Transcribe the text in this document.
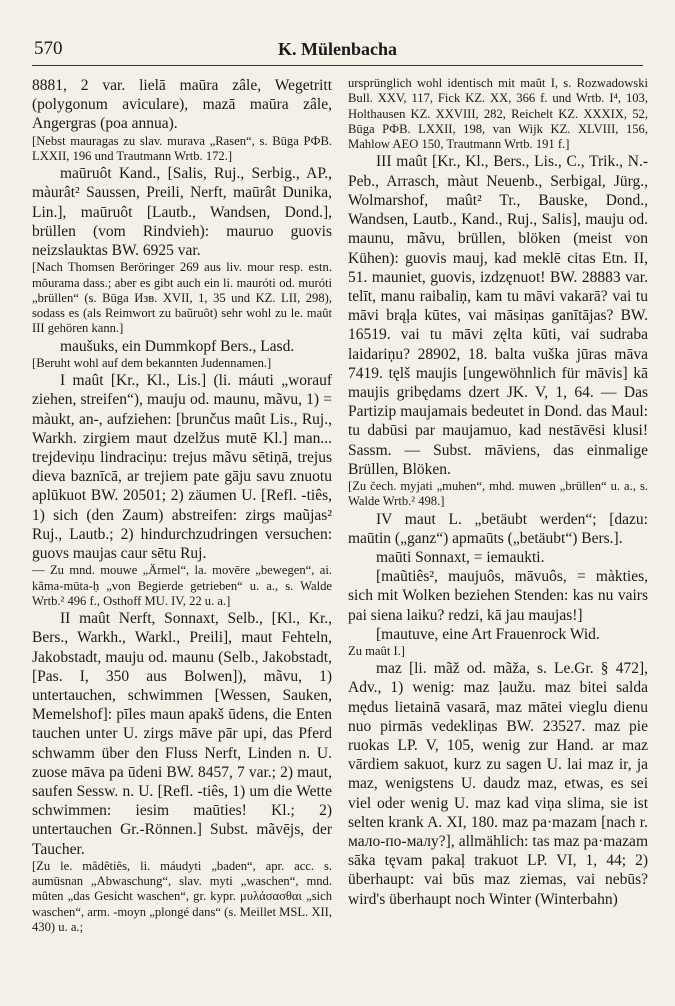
570	K. Mülenbacha

8881, 2 var. lielā maūra zâle, Wegetritt (polygonum aviculare), mazā maūra zâle, Angergras (poa annua).

[Nebst mauragas zu slav. murava „Rasen“, s. Būga PФB. LXXII, 196 und Trautmann Wrtb. 172.]

maūruôt Kand., [Salis, Ruj., Serbig., AP., màurât² Saussen, Preili, Nerft, maūrât Dunika, Lin.], maūruôt [Lautb., Wandsen, Dond.], brüllen (vom Rindvieh): mauruo guovis neizslauktas BW. 6925 var.

[Nach Thomsen Beröringer 269 aus liv. mour resp. estn. mõurama dass.; aber es gibt auch ein li. mauróti od. muróti „brüllen“ (s. Būga Изв. XVII, 1, 35 und KZ. LII, 298), sodass es (als Reimwort zu baũruôt) sehr wohl zu le. maût III gehören kann.]

maušuks, ein Dummkopf Bers., Lasd.

[Beruht wohl auf dem bekannten Judennamen.]

I maût [Kr., Kl., Lis.] (li. máuti „worauf ziehen, streifen“), mauju od. maunu, mãvu, 1) = màukt, an-, aufziehen: [brunčus maût Lis., Ruj., Warkh. zirgiem maut dzelžus mutē Kl.] man... trejdeviņu lindraciņu: trejus mãvu sētiņā, trejus dieva baznīcā, ar trejiem pate gāju savu znuotu aplūkuot BW. 20501; 2) zäumen U. [Refl. -tiês, 1) sich (den Zaum) abstreifen: zirgs maũjas² Ruj., Lautb.; 2) hindurchzudringen versuchen: guovs maujas caur sētu Ruj.

— Zu mnd. mouwe „Ärmel“, la. movēre „bewegen“, ai. kãma-mūta-ḥ „von Begierde getrieben“ u. a., s. Walde Wrtb.² 496 f., Osthoff MU. IV, 22 u. a.]

II maût Nerft, Sonnaxt, Selb., [Kl., Kr., Bers., Warkh., Warkl., Preili], maut Fehteln, Jakobstadt, mauju od. maunu (Selb., Jakobstadt, [Pas. I, 350 aus Bolwen]), mãvu, 1) untertauchen, schwimmen [Wessen, Sauken, Memelshof]: pīles maun apakš ūdens, die Enten tauchen unter U. zirgs māve pār upi, das Pferd schwamm über den Fluss Nerft, Linden n. U. zuose māva pa ūdeni BW. 8457, 7 var.; 2) maut, saufen Sessw. n. U. [Refl. -tiês, 1) um die Wette schwimmen: iesim maūties! Kl.; 2) untertauchen Gr.-Rönnen.] Subst. mãvējs, der Taucher.

[Zu le. mâdêtiês, li. máudyti „baden“, apr. acc. s. aumūsnan „Abwaschung“, slav. myti „waschen“, mnd. mûten „das Gesicht waschen“, gr. kypr. μυλάσασθαι „sich waschen“, arm. -moyn „plongé dans“ (s. Meillet MSL. XII, 430) u. a.;

ursprünglich wohl identisch mit maût I, s. Rozwadowski Bull. XXV, 117, Fick KZ. XX, 366 f. und Wrtb. I⁴, 103, Holthausen KZ. XXVIII, 282, Reichelt KZ. XXXIX, 52, Būga PФB. LXXII, 198, van Wijk KZ. XLVIII, 156, Mahlow AEO 150, Trautmann Wrtb. 191 f.]

III maût [Kr., Kl., Bers., Lis., C., Trik., N.-Peb., Arrasch, màut Neuenb., Serbigal, Jürg., Wolmarshof, maût² Tr., Bauske, Dond., Wandsen, Lautb., Kand., Ruj., Salis], mauju od. maunu, mãvu, brüllen, blöken (meist von Kühen): guovis mauj, kad meklē citas Etn. II, 51. mauniet, guovis, izdzęnuot! BW. 28883 var. telīt, manu raibaliņ, kam tu māvi vakarā? vai tu māvi brąļa kūtes, vai māsiņas ganītājas? BW. 16519. vai tu māvi zęlta kūti, vai sudraba laidariņu? 28902, 18. balta vuška jūras māva 7419. tęlš maujis [ungewöhnlich für māvis] kā maujis gribędams dzert JK. V, 1, 64. — Das Partizip maujamais bedeutet in Dond. das Maul: tu dabūsi par maujamuo, kad nestāvēsi klusi! Sassm. — Subst. māviens, das einmalige Brüllen, Blöken.

[Zu čech. myjati „muhen“, mhd. muwen „brüllen“ u. a., s. Walde Wrtb.² 498.]

IV maut L. „betäubt werden“; [dazu: maūtin („ganz“) apmaūts („betäubt“) Bers.].

maūti Sonnaxt, = iemaukti.

[maũtiês², maujuôs, māvuôs, = màkties, sich mit Wolken beziehen Stenden: kas nu vairs pai siena laiku? redzi, kā jau maujas!]

[mautuve, eine Art Frauenrock Wid.

Zu maût I.]

maz [li. mãž od. mãža, s. Le.Gr. § 472], Adv., 1) wenig: maz ļaužu. maz bitei salda mędus lietainā vasarā, maz mātei vieglu dienu nuo pirmās vedekliņas BW. 23527. maz pie ruokas LP. V, 105, wenig zur Hand. ar maz vārdiem sakuot, kurz zu sagen U. lai maz ir, ja maz, wenigstens U. daudz maz, etwas, es sei viel oder wenig U. maz kad viņa slima, sie ist selten krank A. XI, 180. maz pa·mazam [nach r. мало-по-малу?], allmählich: tas maz pa·mazam sāka tęvam pakaļ trakuot LP. VI, 1, 44; 2) überhaupt: vai būs maz ziemas, vai nebūs? wird's überhaupt noch Winter (Winterbahn)
